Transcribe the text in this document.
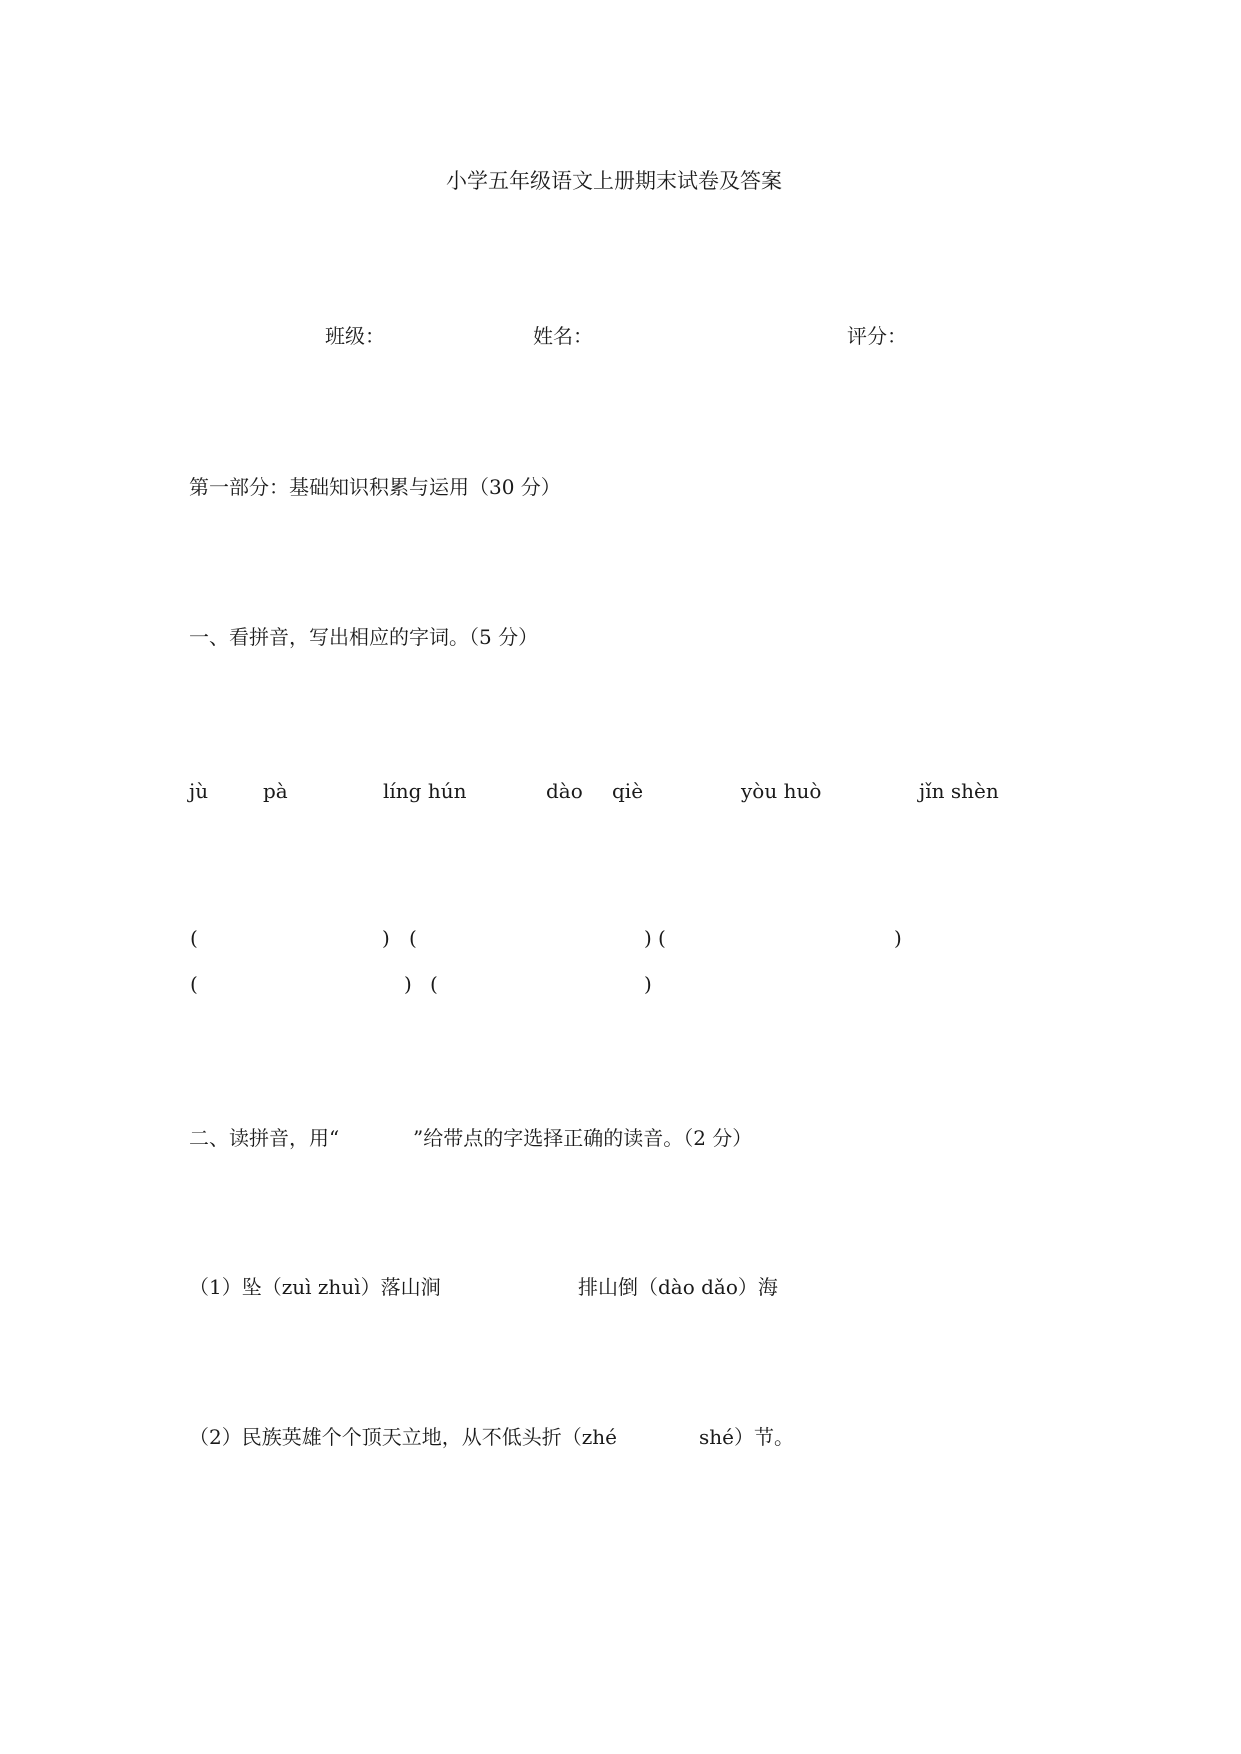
小学五年级语文上册期末试卷及答案
班级：	姓名：	评分：
第一部分：基础知识积累与运用（30 分）
一、看拼音，写出相应的字词。（5 分）
jù	pà	líng hún	dào qiè	yòu huò	jǐn shèn
(	) (	) (	)
(	) (	)
二、读拼音，用“	”给带点的字选择正确的读音。（2 分）
（1）坠（zuì zhuì）落山涧	排山倒（dào dǎo）海
（2）民族英雄个个顶天立地，从不低头折（zhé	shé）节。
